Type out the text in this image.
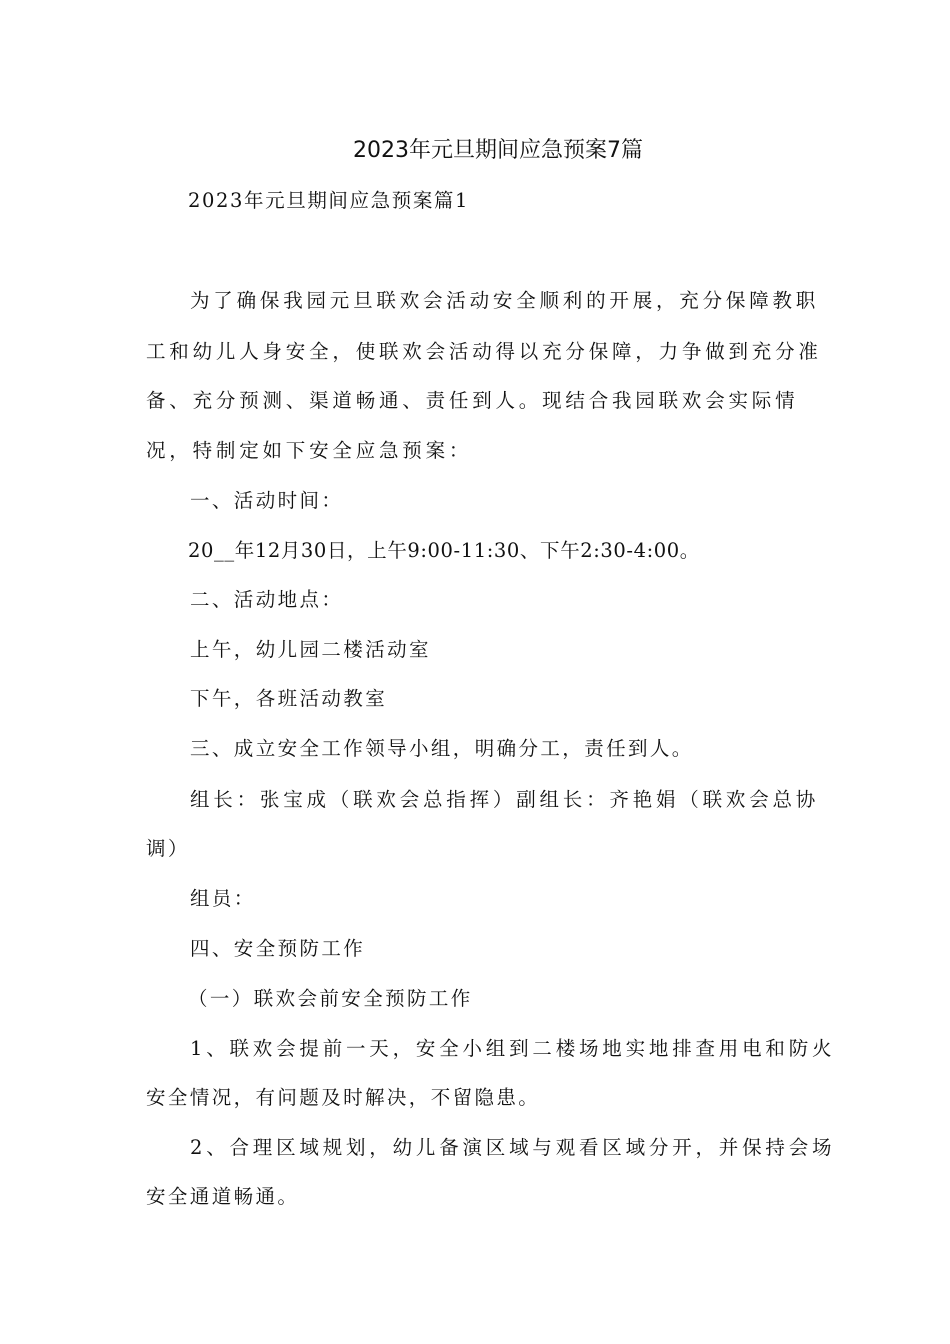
2023年元旦期间应急预案7篇
2023年元旦期间应急预案篇1
为了确保我园元旦联欢会活动安全顺利的开展，充分保障教职
工和幼儿人身安全，使联欢会活动得以充分保障，力争做到充分准
备、充分预测、渠道畅通、责任到人。现结合我园联欢会实际情
况，特制定如下安全应急预案：
一、活动时间：
20__年12月30日，上午9:00-11:30、下午2:30-4:00。
二、活动地点：
上午，幼儿园二楼活动室
下午，各班活动教室
三、成立安全工作领导小组，明确分工，责任到人。
组长：张宝成（联欢会总指挥）副组长：齐艳娟（联欢会总协
调）
组员：
四、安全预防工作
（一）联欢会前安全预防工作
1、联欢会提前一天，安全小组到二楼场地实地排查用电和防火
安全情况，有问题及时解决，不留隐患。
2、合理区域规划，幼儿备演区域与观看区域分开，并保持会场
安全通道畅通。
